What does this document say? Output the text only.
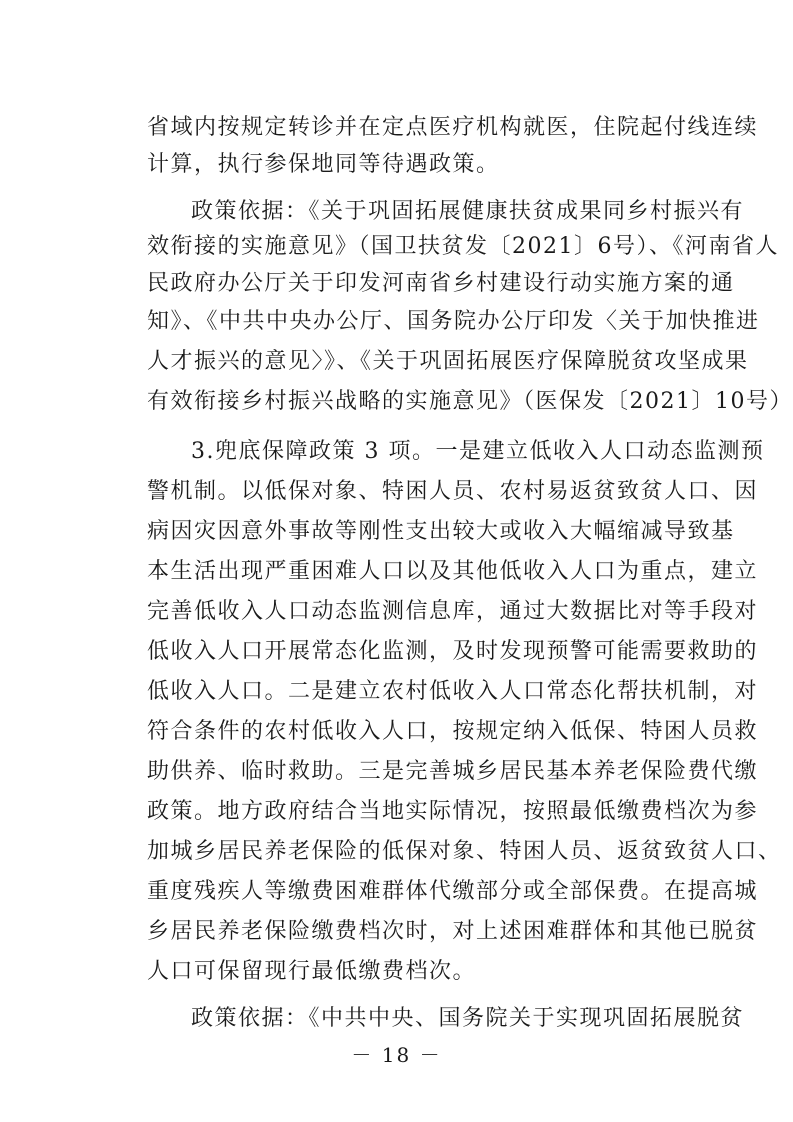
省域内按规定转诊并在定点医疗机构就医，住院起付线连续
计算，执行参保地同等待遇政策。
政策依据：《关于巩固拓展健康扶贫成果同乡村振兴有
效衔接的实施意见》（国卫扶贫发〔2021〕6号）、《河南省人
民政府办公厅关于印发河南省乡村建设行动实施方案的通
知》、《中共中央办公厅、国务院办公厅印发〈关于加快推进
人才振兴的意见〉》、《关于巩固拓展医疗保障脱贫攻坚成果
有效衔接乡村振兴战略的实施意见》（医保发〔2021〕10号）
3.兜底保障政策 3 项。一是建立低收入人口动态监测预
警机制。以低保对象、特困人员、农村易返贫致贫人口、因
病因灾因意外事故等刚性支出较大或收入大幅缩减导致基
本生活出现严重困难人口以及其他低收入人口为重点，建立
完善低收入人口动态监测信息库，通过大数据比对等手段对
低收入人口开展常态化监测，及时发现预警可能需要救助的
低收入人口。二是建立农村低收入人口常态化帮扶机制，对
符合条件的农村低收入人口，按规定纳入低保、特困人员救
助供养、临时救助。三是完善城乡居民基本养老保险费代缴
政策。地方政府结合当地实际情况，按照最低缴费档次为参
加城乡居民养老保险的低保对象、特困人员、返贫致贫人口、
重度残疾人等缴费困难群体代缴部分或全部保费。在提高城
乡居民养老保险缴费档次时，对上述困难群体和其他已脱贫
人口可保留现行最低缴费档次。
政策依据：《中共中央、国务院关于实现巩固拓展脱贫
－ 18 －
